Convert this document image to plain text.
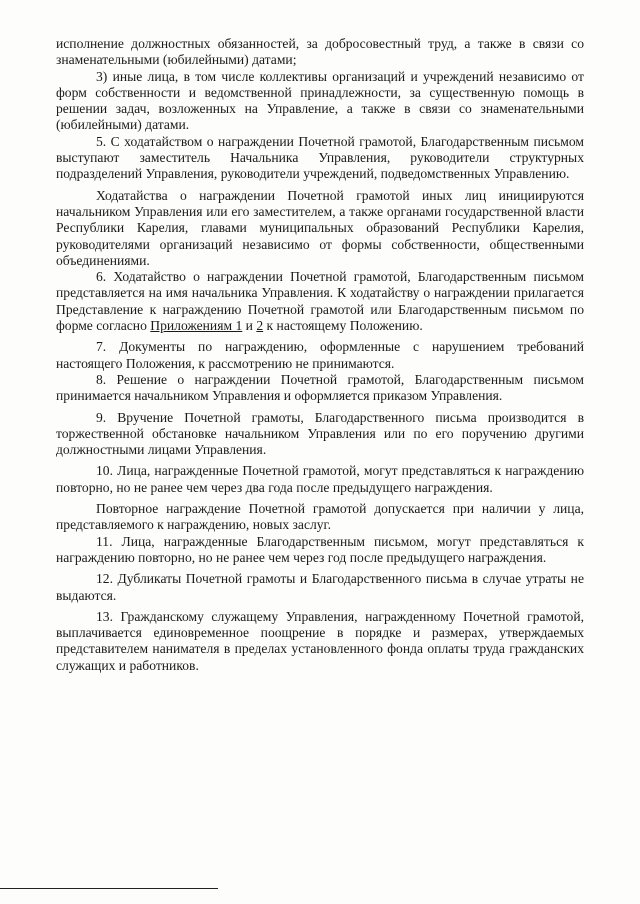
исполнение должностных обязанностей, за добросовестный труд, а также в связи со знаменательными (юбилейными) датами;

3) иные лица, в том числе коллективы организаций и учреждений независимо от форм собственности и ведомственной принадлежности, за существенную помощь в решении задач, возложенных на Управление, а также в связи со знаменательными (юбилейными) датами.

5. С ходатайством о награждении Почетной грамотой, Благодарственным письмом выступают заместитель Начальника Управления, руководители структурных подразделений Управления, руководители учреждений, подведомственных Управлению.

Ходатайства о награждении Почетной грамотой иных лиц инициируются начальником Управления или его заместителем, а также органами государственной власти Республики Карелия, главами муниципальных образований Республики Карелия, руководителями организаций независимо от формы собственности, общественными объединениями.

6. Ходатайство о награждении Почетной грамотой, Благодарственным письмом представляется на имя начальника Управления. К ходатайству о награждении прилагается Представление к награждению Почетной грамотой или Благодарственным письмом по форме согласно Приложениям 1 и 2 к настоящему Положению.

7. Документы по награждению, оформленные с нарушением требований настоящего Положения, к рассмотрению не принимаются.

8. Решение о награждении Почетной грамотой, Благодарственным письмом принимается начальником Управления и оформляется приказом Управления.

9. Вручение Почетной грамоты, Благодарственного письма производится в торжественной обстановке начальником Управления или по его поручению другими должностными лицами Управления.

10. Лица, награжденные Почетной грамотой, могут представляться к награждению повторно, но не ранее чем через два года после предыдущего награждения.

Повторное награждение Почетной грамотой допускается при наличии у лица, представляемого к награждению, новых заслуг.

11. Лица, награжденные Благодарственным письмом, могут представляться к награждению повторно, но не ранее чем через год после предыдущего награждения.

12. Дубликаты Почетной грамоты и Благодарственного письма в случае утраты не выдаются.

13. Гражданскому служащему Управления, награжденному Почетной грамотой, выплачивается единовременное поощрение в порядке и размерах, утверждаемых представителем нанимателя в пределах установленного фонда оплаты труда гражданских служащих и работников.
